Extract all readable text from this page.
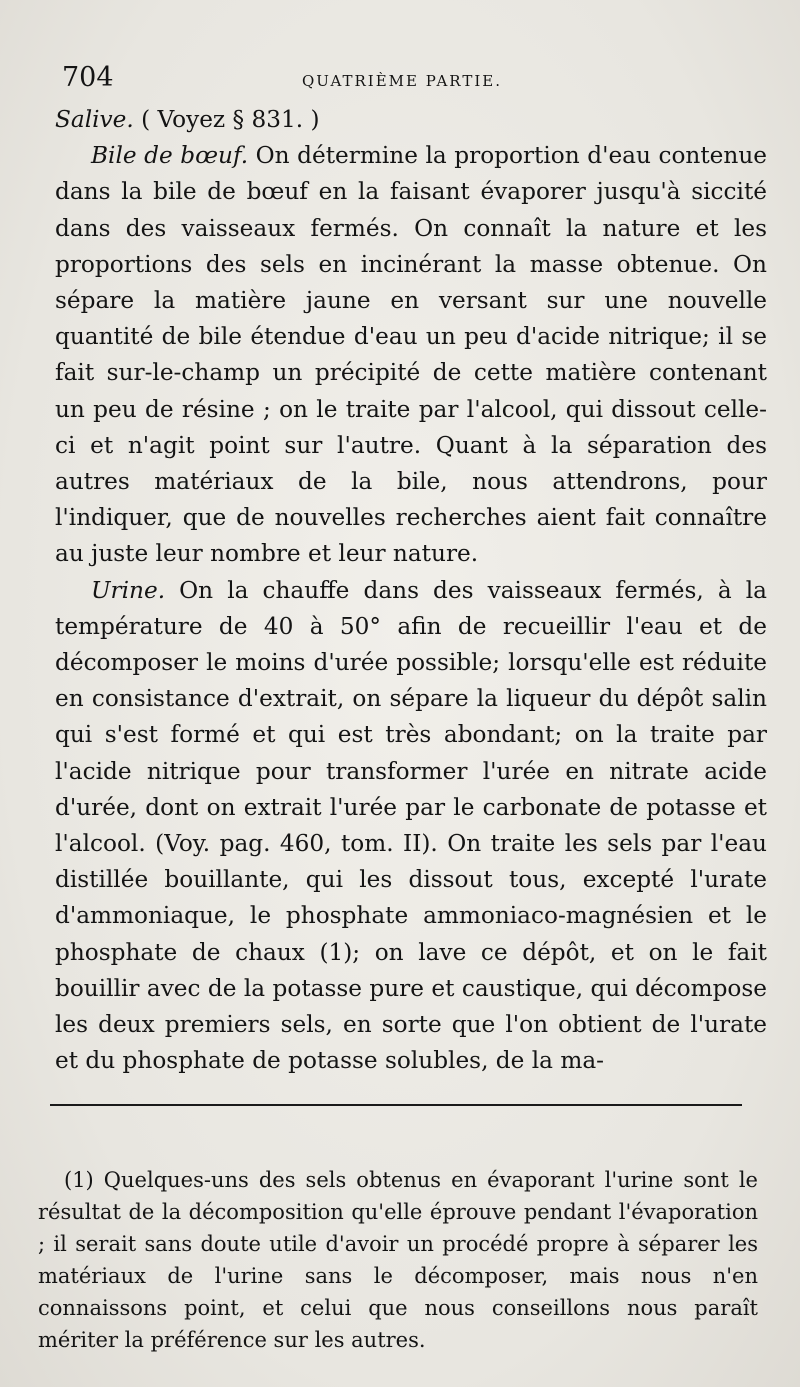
704	QUATRIÈME PARTIE.

Salive. ( Voyez § 831. )

Bile de bœuf. On détermine la proportion d'eau contenue dans la bile de bœuf en la faisant évaporer jusqu'à siccité dans des vaisseaux fermés. On connaît la nature et les proportions des sels en incinérant la masse obtenue. On sépare la matière jaune en versant sur une nouvelle quantité de bile étendue d'eau un peu d'acide nitrique; il se fait sur-le-champ un précipité de cette matière contenant un peu de résine ; on le traite par l'alcool, qui dissout celle-ci et n'agit point sur l'autre. Quant à la séparation des autres matériaux de la bile, nous attendrons, pour l'indiquer, que de nouvelles recherches aient fait connaître au juste leur nombre et leur nature.

Urine. On la chauffe dans des vaisseaux fermés, à la température de 40 à 50° afin de recueillir l'eau et de décomposer le moins d'urée possible; lorsqu'elle est réduite en consistance d'extrait, on sépare la liqueur du dépôt salin qui s'est formé et qui est très abondant; on la traite par l'acide nitrique pour transformer l'urée en nitrate acide d'urée, dont on extrait l'urée par le carbonate de potasse et l'alcool. (Voy. pag. 460, tom. II). On traite les sels par l'eau distillée bouillante, qui les dissout tous, excepté l'urate d'ammoniaque, le phosphate ammoniaco-magnésien et le phosphate de chaux (1); on lave ce dépôt, et on le fait bouillir avec de la potasse pure et caustique, qui décompose les deux premiers sels, en sorte que l'on obtient de l'urate et du phosphate de potasse solubles, de la ma-

(1) Quelques-uns des sels obtenus en évaporant l'urine sont le résultat de la décomposition qu'elle éprouve pendant l'évaporation ; il serait sans doute utile d'avoir un procédé propre à séparer les matériaux de l'urine sans le décomposer, mais nous n'en connaissons point, et celui que nous conseillons nous paraît mériter la préférence sur les autres.
